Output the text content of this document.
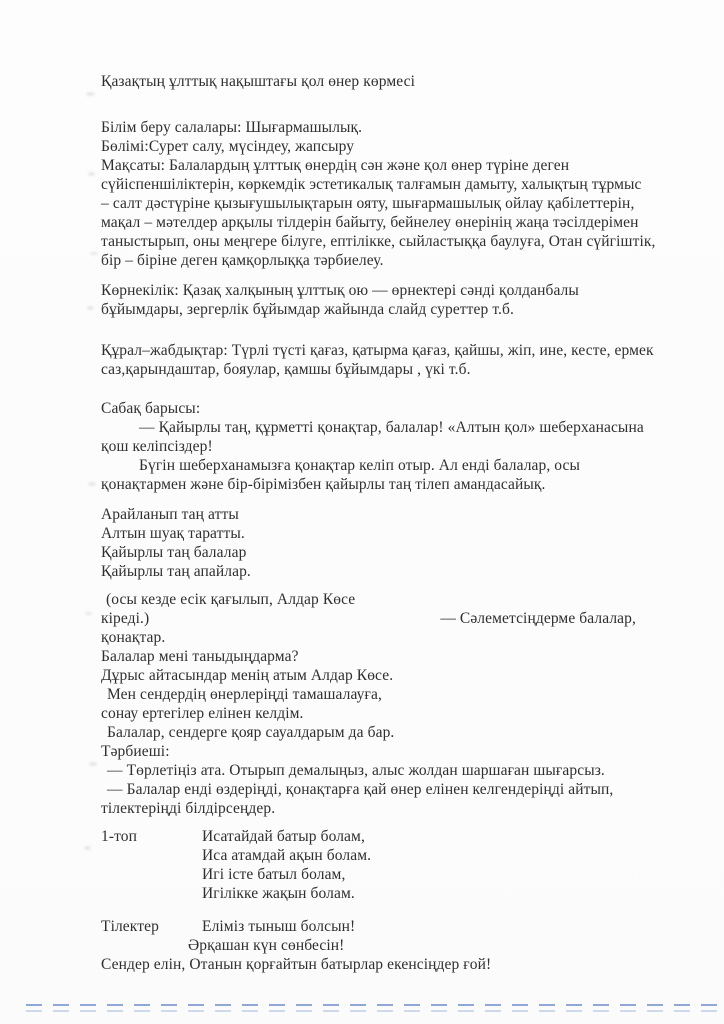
Қазақтың ұлттық нақыштағы қол өнер көрмесі

Білім беру салалары: Шығармашылық.

Бөлімі:Сурет салу, мүсіндеу, жапсыру

Мақсаты: Балалардың ұлттық өнердің сән және қол өнер түріне деген

сүйіспеншіліктерін, көркемдік эстетикалық талғамын дамыту, халықтың тұрмыс

– салт дәстүріне қызығушылықтарын ояту, шығармашылық ойлау қабілеттерін,

мақал – мәтелдер арқылы тілдерін байыту, бейнелеу өнерінің жаңа тәсілдерімен

таныстырып, оны меңгере білуге, ептілікке, сыйластыққа баулуға, Отан сүйгіштік,

бір – біріне деген қамқорлыққа тәрбиелеу.

Көрнекілік: Қазақ халқының ұлттық ою — өрнектері сәнді қолданбалы

бұйымдары, зергерлік бұйымдар жайында слайд суреттер т.б.

Құрал–жабдықтар: Түрлі түсті қағаз, қатырма қағаз, қайшы, жіп, ине, кесте, ермек

саз,қарындаштар, бояулар, қамшы бұйымдары , үкі т.б.

Сабақ барысы:

— Қайырлы таң, құрметті қонақтар, балалар! «Алтын қол» шеберханасына

қош келіпсіздер!

Бүгін шеберханамызға қонақтар келіп отыр. Ал енді балалар, осы

қонақтармен және бір-бірімізбен қайырлы таң тілеп амандасайық.

Арайланып таң атты

Алтын шуақ таратты.

Қайырлы таң балалар

Қайырлы таң апайлар.

(осы кезде есік қағылып, Алдар Көсе

кіреді.)	— Сәлеметсіңдерме балалар,

қонақтар.

Балалар мені таныдыңдарма?

Дұрыс айтасындар менің атым Алдар Көсе.

Мен сендердің өнерлеріңді тамашалауға,

сонау ертегілер елінен келдім.

Балалар, сендерге қояр сауалдарым да бар.

Тәрбиеші:

— Төрлетіңіз ата. Отырып демалыңыз, алыс жолдан шаршаған шығарсыз.

— Балалар енді өздеріңді, қонақтарға қай өнер елінен келгендеріңді айтып,

тілектеріңді білдірсеңдер.

1-топ	Исатайдай батыр болам,

Иса атамдай ақын болам.

Игі істе батыл болам,

Игілікке жақын болам.

Тілектер	Еліміз тыныш болсын!

Әрқашан күн сөнбесін!

Сендер елін, Отанын қорғайтын батырлар екенсіңдер ғой!
